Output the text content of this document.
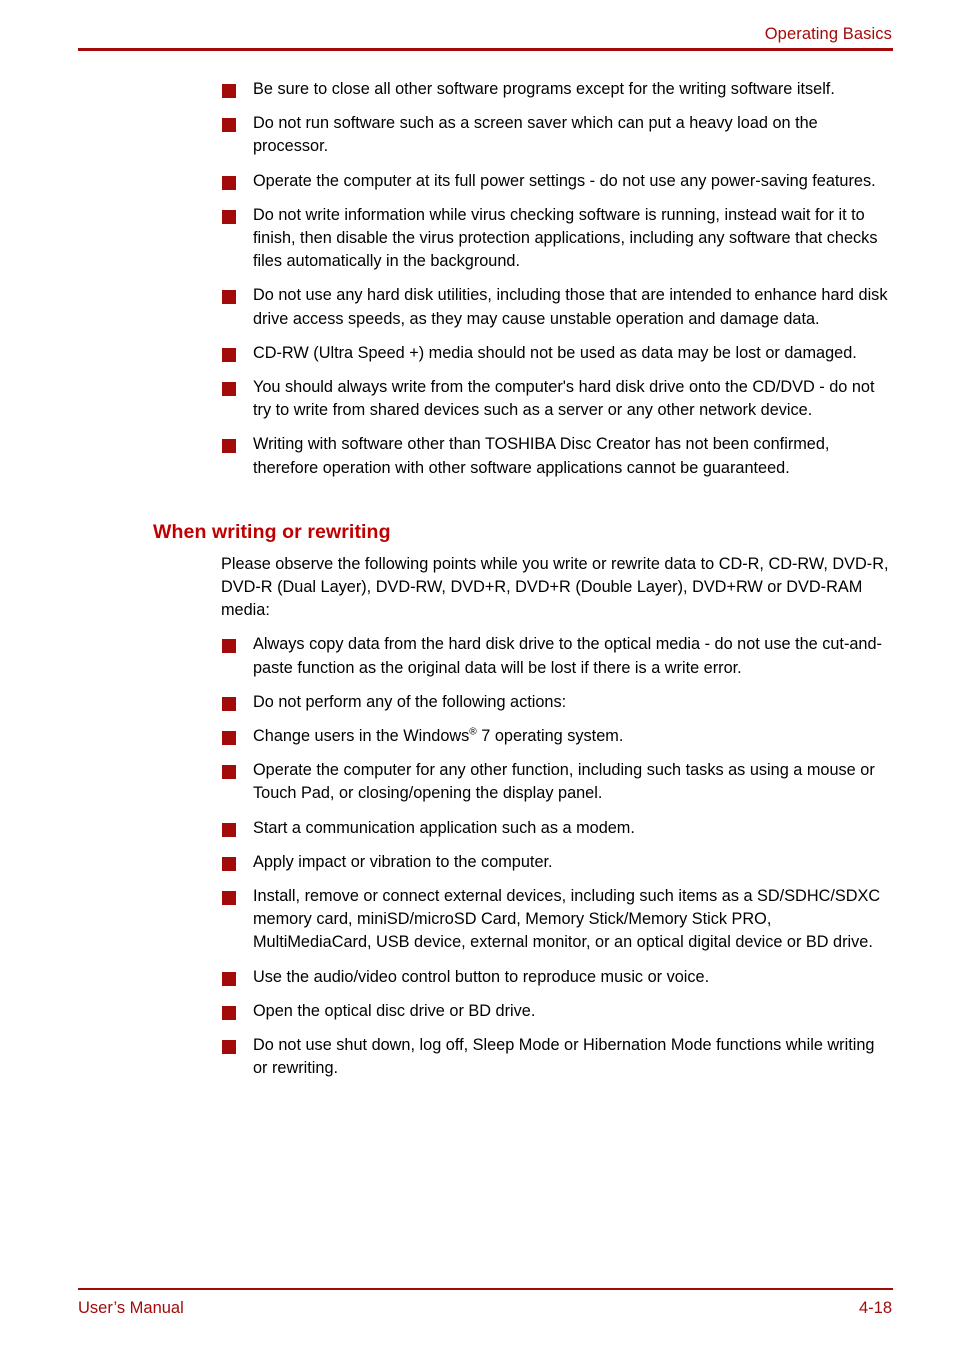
Operating Basics
Be sure to close all other software programs except for the writing software itself.
Do not run software such as a screen saver which can put a heavy load on the processor.
Operate the computer at its full power settings - do not use any power-saving features.
Do not write information while virus checking software is running, instead wait for it to finish, then disable the virus protection applications, including any software that checks files automatically in the background.
Do not use any hard disk utilities, including those that are intended to enhance hard disk drive access speeds, as they may cause unstable operation and damage data.
CD-RW (Ultra Speed +) media should not be used as data may be lost or damaged.
You should always write from the computer's hard disk drive onto the CD/DVD - do not try to write from shared devices such as a server or any other network device.
Writing with software other than TOSHIBA Disc Creator has not been confirmed, therefore operation with other software applications cannot be guaranteed.
When writing or rewriting

Please observe the following points while you write or rewrite data to CD-R, CD-RW, DVD-R, DVD-R (Dual Layer), DVD-RW, DVD+R, DVD+R (Double Layer), DVD+RW or DVD-RAM media:

Always copy data from the hard disk drive to the optical media - do not use the cut-and-paste function as the original data will be lost if there is a write error.
Do not perform any of the following actions:
Change users in the Windows® 7 operating system.
Operate the computer for any other function, including such tasks as using a mouse or Touch Pad, or closing/opening the display panel.
Start a communication application such as a modem.
Apply impact or vibration to the computer.
Install, remove or connect external devices, including such items as a SD/SDHC/SDXC memory card, miniSD/microSD Card, Memory Stick/Memory Stick PRO, MultiMediaCard, USB device, external monitor, or an optical digital device or BD drive.
Use the audio/video control button to reproduce music or voice.
Open the optical disc drive or BD drive.
Do not use shut down, log off, Sleep Mode or Hibernation Mode functions while writing or rewriting.
User’s Manual	4-18
